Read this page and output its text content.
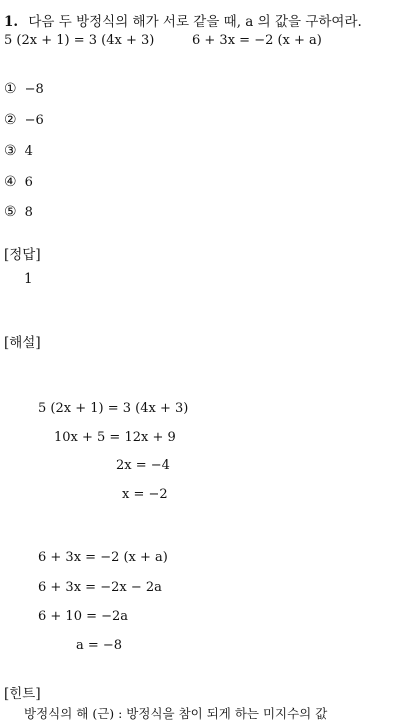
1. 다음 두 방정식의 해가 서로 같을 때, a 의 값을 구하여라.
5 (2x + 1) = 3 (4x + 3)	6 + 3x = −2 (x + a)
① −8
② −6
③ 4
④ 6
⑤ 8
[정답]
1
[해설]
5 (2x + 1) = 3 (4x + 3)
10x + 5 = 12x + 9
2x = −4
x = −2
6 + 3x = −2 (x + a)
6 + 3x = −2x − 2a
6 + 10 = −2a
a = −8
[힌트]
방정식의 해 (근) : 방정식을 참이 되게 하는 미지수의 값
